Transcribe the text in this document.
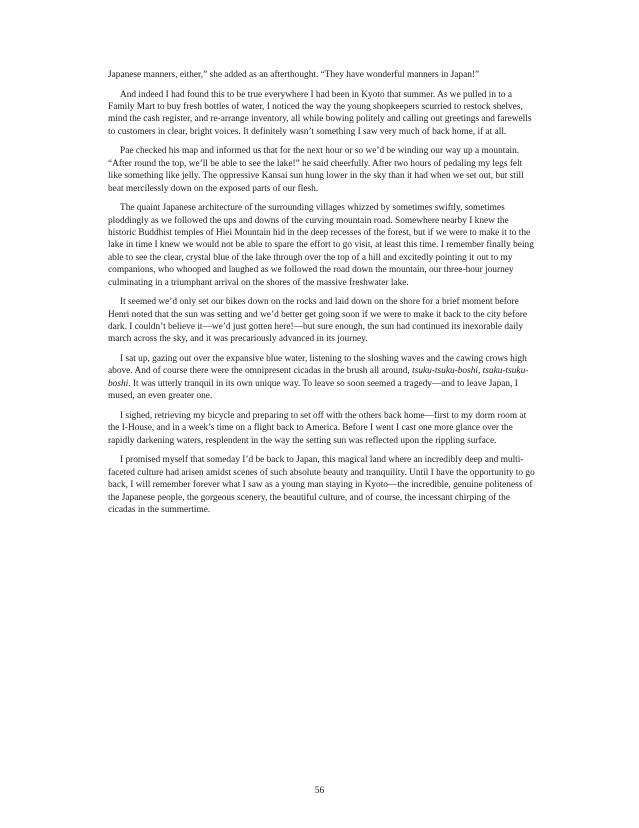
Japanese manners, either,” she added as an afterthought. “They have wonderful manners in Japan!”

And indeed I had found this to be true everywhere I had been in Kyoto that summer. As we pulled in to a Family Mart to buy fresh bottles of water, I noticed the way the young shopkeepers scurried to restock shelves, mind the cash register, and re-arrange inventory, all while bowing politely and calling out greetings and farewells to customers in clear, bright voices. It definitely wasn’t something I saw very much of back home, if at all.

Pae checked his map and informed us that for the next hour or so we’d be winding our way up a mountain. “After round the top, we’ll be able to see the lake!” he said cheerfully. After two hours of pedaling my legs felt like something like jelly. The oppressive Kansai sun hung lower in the sky than it had when we set out, but still beat mercilessly down on the exposed parts of our flesh.

The quaint Japanese architecture of the surrounding villages whizzed by sometimes swiftly, sometimes ploddingly as we followed the ups and downs of the curving mountain road. Somewhere nearby I knew the historic Buddhist temples of Hiei Mountain hid in the deep recesses of the forest, but if we were to make it to the lake in time I knew we would not be able to spare the effort to go visit, at least this time. I remember finally being able to see the clear, crystal blue of the lake through over the top of a hill and excitedly pointing it out to my companions, who whooped and laughed as we followed the road down the mountain, our three-hour journey culminating in a triumphant arrival on the shores of the massive freshwater lake.

It seemed we’d only set our bikes down on the rocks and laid down on the shore for a brief moment before Henri noted that the sun was setting and we’d better get going soon if we were to make it back to the city before dark. I couldn’t believe it—we’d just gotten here!—but sure enough, the sun had continued its inexorable daily march across the sky, and it was precariously advanced in its journey.

I sat up, gazing out over the expansive blue water, listening to the sloshing waves and the cawing crows high above. And of course there were the omnipresent cicadas in the brush all around, tsuku-tsuku-boshi, tsuku-tsuku-boshi. It was utterly tranquil in its own unique way. To leave so soon seemed a tragedy—and to leave Japan, I mused, an even greater one.

I sighed, retrieving my bicycle and preparing to set off with the others back home—first to my dorm room at the I-House, and in a week’s time on a flight back to America. Before I went I cast one more glance over the rapidly darkening waters, resplendent in the way the setting sun was reflected upon the rippling surface.

I promised myself that someday I’d be back to Japan, this magical land where an incredibly deep and multi-faceted culture had arisen amidst scenes of such absolute beauty and tranquility. Until I have the opportunity to go back, I will remember forever what I saw as a young man staying in Kyoto—the incredible, genuine politeness of the Japanese people, the gorgeous scenery, the beautiful culture, and of course, the incessant chirping of the cicadas in the summertime.

56
